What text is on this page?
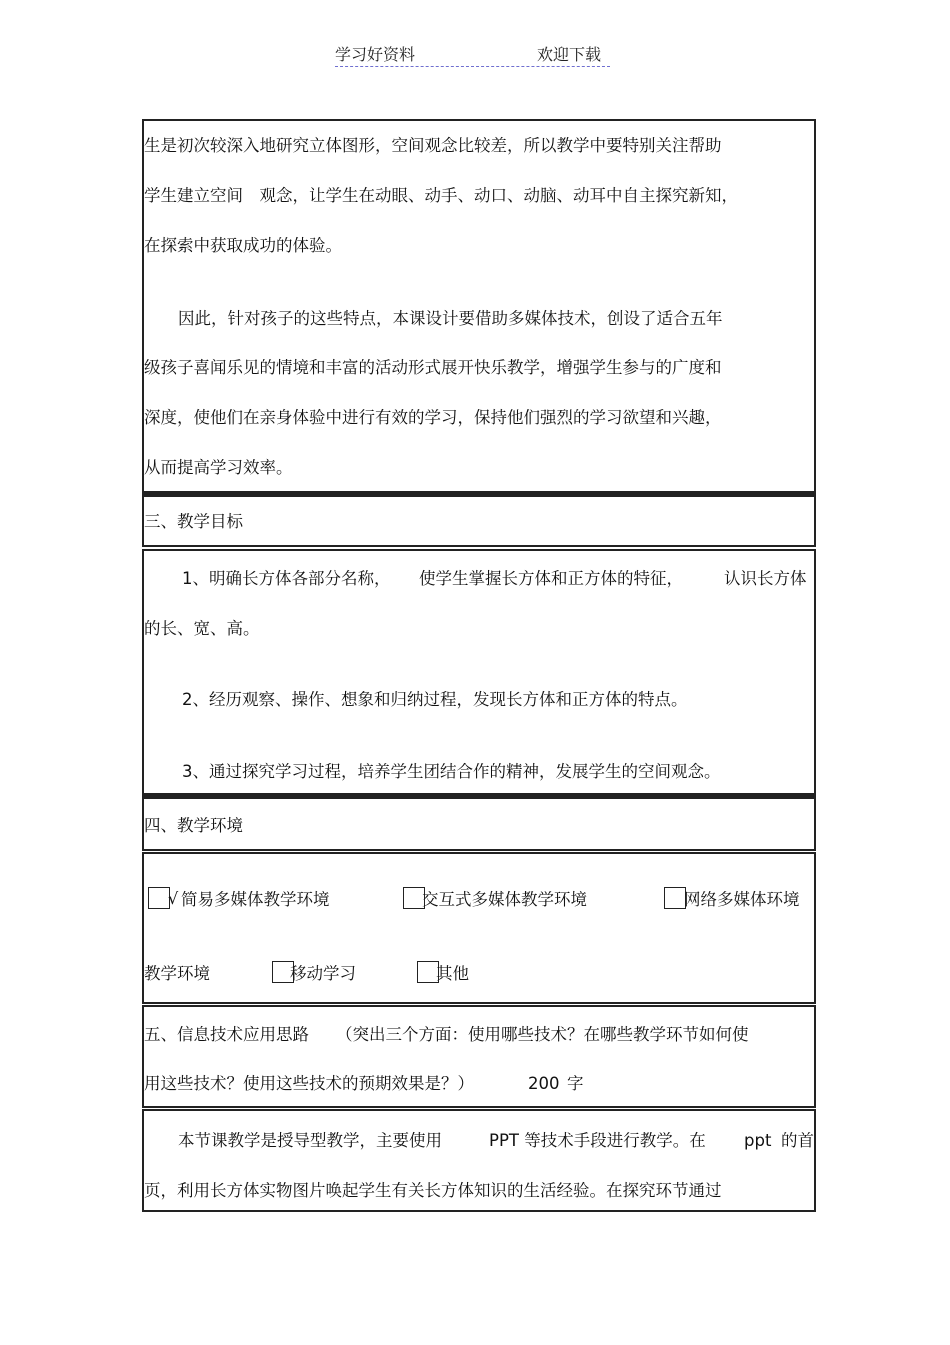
学习好资料	欢迎下载
生是初次较深入地研究立体图形，空间观念比较差，所以教学中要特别关注帮助
学生建立空间　观念，让学生在动眼、动手、动口、动脑、动耳中自主探究新知，
在探索中获取成功的体验。
因此，针对孩子的这些特点，本课设计要借助多媒体技术，创设了适合五年
级孩子喜闻乐见的情境和丰富的活动形式展开快乐教学，增强学生参与的广度和
深度，使他们在亲身体验中进行有效的学习，保持他们强烈的学习欲望和兴趣，
从而提高学习效率。
三、教学目标
1、明确长方体各部分名称， 使学生掌握长方体和正方体的特征， 认识长方体
的长、宽、高。
2、经历观察、操作、想象和归纳过程，发现长方体和正方体的特点。
3、通过探究学习过程，培养学生团结合作的精神，发展学生的空间观念。
四、教学环境
√ 简易多媒体教学环境	交互式多媒体教学环境	网络多媒体环境
教学环境	移动学习	其他
五、信息技术应用思路 （突出三个方面：使用哪些技术？在哪些教学环节如何使
用这些技术？使用这些技术的预期效果是？）	200 字
本节课教学是授导型教学，主要使用	PPT 等技术手段进行教学。在 ppt 的首
页，利用长方体实物图片唤起学生有关长方体知识的生活经验。在探究环节通过
